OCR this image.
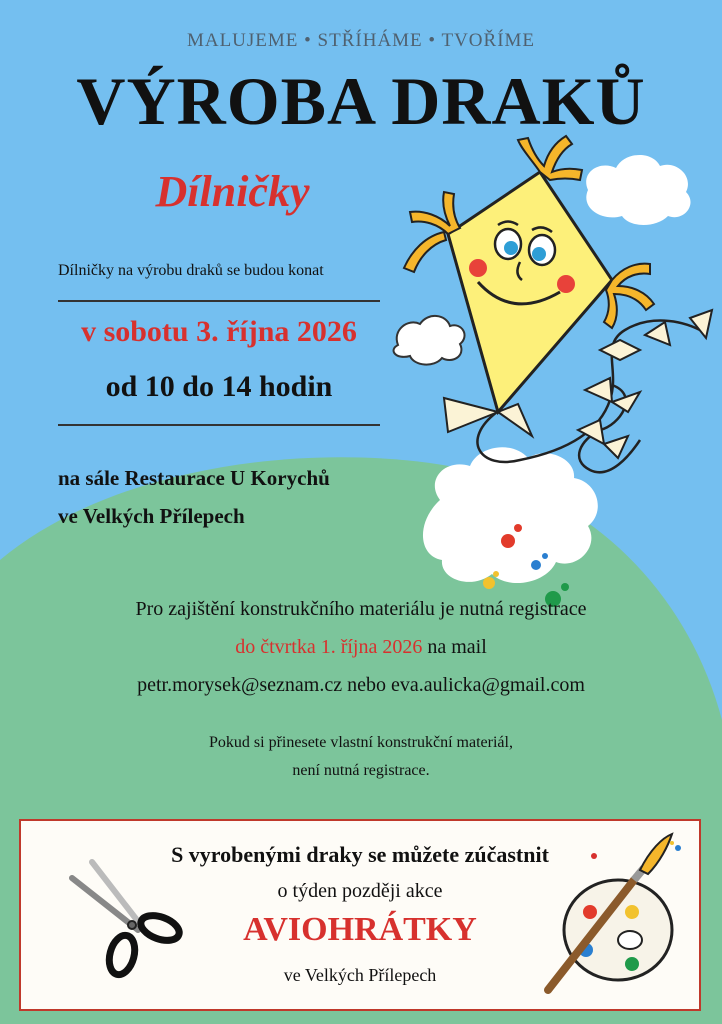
MALUJEME • STŘÍHÁME • TVOŘÍME
VÝROBA DRAKŮ
Dílničky
Dílničky na výrobu draků se budou konat
v sobotu 3. října 2026
od 10 do 14 hodin
na sále Restaurace U Korychů
ve Velkých Přílepech
Pro zajištění konstrukčního materiálu je nutná registrace
do čtvrtka 1. října 2026 na mail
petr.morysek@seznam.cz nebo eva.aulicka@gmail.com
Pokud si přinesete vlastní konstrukční materiál,
není nutná registrace.
S vyrobenými draky se můžete zúčastnit
o týden později akce
AVIOHRÁTKY
ve Velkých Přílepech
